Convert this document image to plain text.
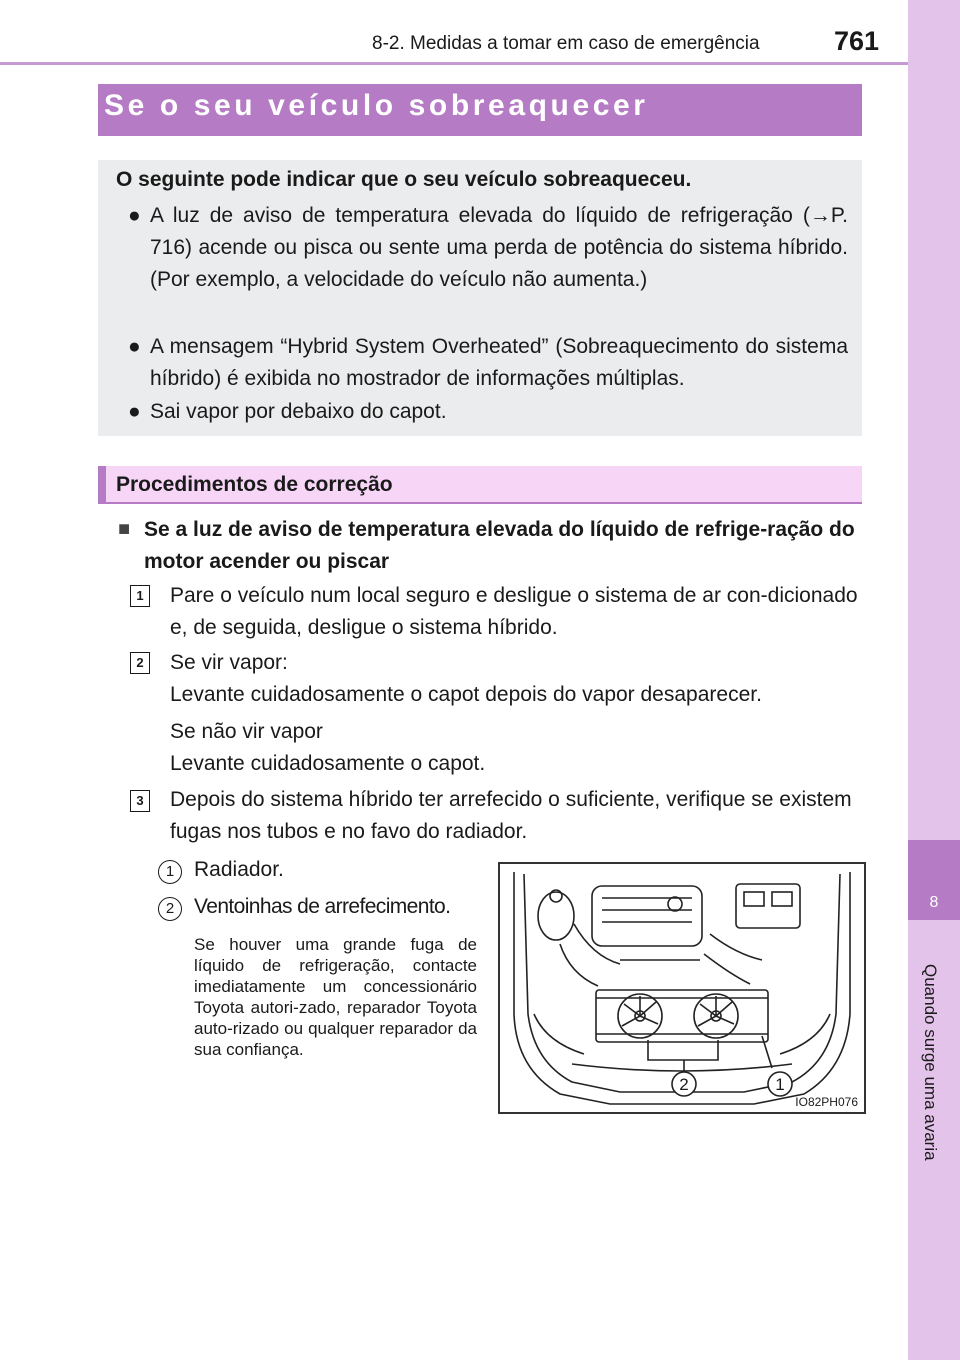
8-2. Medidas a tomar em caso de emergência	761
8
Quando surge uma avaria
Se o seu veículo sobreaquecer
O seguinte pode indicar que o seu veículo sobreaqueceu.
● A luz de aviso de temperatura elevada do líquido de refrigeração (→P. 716) acende ou pisca ou sente uma perda de potência do sistema híbrido. (Por exemplo, a velocidade do veículo não aumenta.)
● A mensagem “Hybrid System Overheated” (Sobreaquecimento do sistema híbrido) é exibida no mostrador de informações múltiplas.
● Sai vapor por debaixo do capot.
Procedimentos de correção
■ Se a luz de aviso de temperatura elevada do líquido de refrige-ração do motor acender ou piscar
1	Pare o veículo num local seguro e desligue o sistema de ar con-dicionado e, de seguida, desligue o sistema híbrido.
2	Se vir vapor:
Levante cuidadosamente o capot depois do vapor desaparecer.
Se não vir vapor
Levante cuidadosamente o capot.
3	Depois do sistema híbrido ter arrefecido o suficiente, verifique se existem fugas nos tubos e no favo do radiador.
1 Radiador.
2 Ventoinhas de arrefecimento.
Se houver uma grande fuga de líquido de refrigeração, contacte imediatamente um concessionário Toyota autori-zado, reparador Toyota auto-rizado ou qualquer reparador da sua confiança.
2	1
IO82PH076
